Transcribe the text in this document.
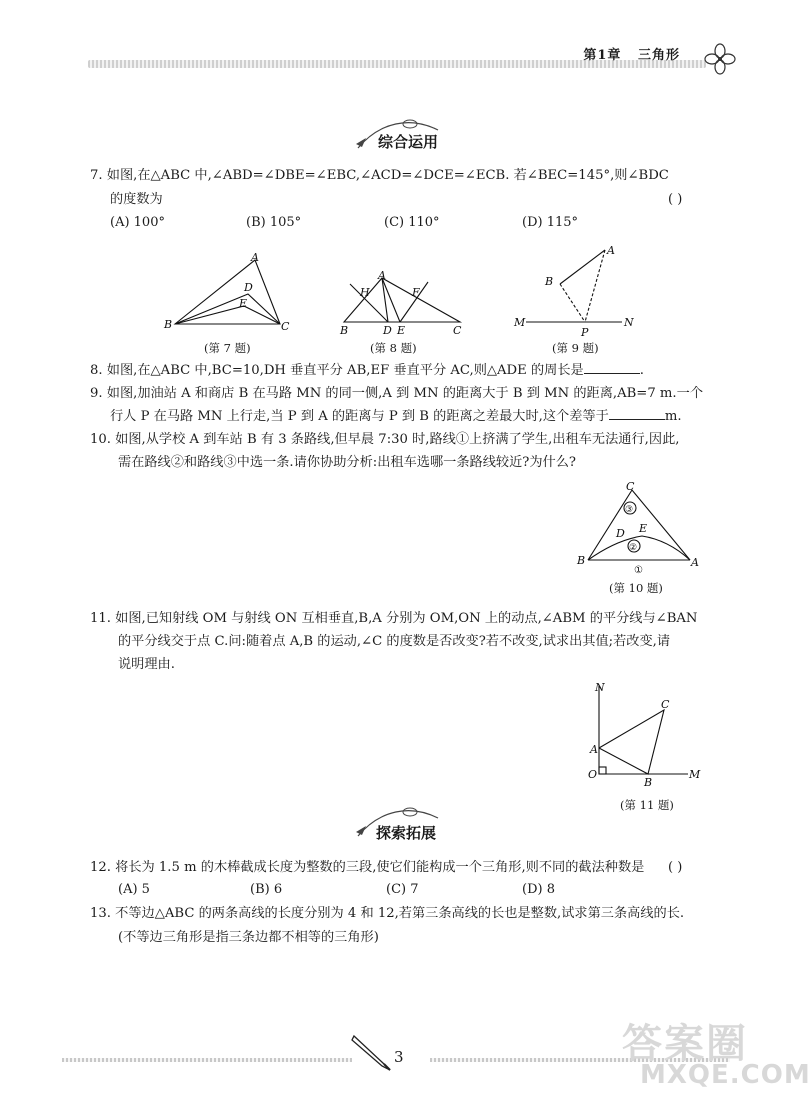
第1章 三角形
综合运用
7. 如图,在△ABC 中,∠ABD=∠DBE=∠EBC,∠ACD=∠DCE=∠ECB. 若∠BEC=145°,则∠BDC
的度数为	( )
(A) 100°	(B) 105°	(C) 110°	(D) 115°
A
B	C
D
E
(第 7 题)
A
B	C
D E
H	F
(第 8 题)
A
B
M
P
N
(第 9 题)
8. 如图,在△ABC 中,BC=10,DH 垂直平分 AB,EF 垂直平分 AC,则△ADE 的周长是	.
9. 如图,加油站 A 和商店 B 在马路 MN 的同一侧,A 到 MN 的距离大于 B 到 MN 的距离,AB=7 m.一个
行人 P 在马路 MN 上行走,当 P 到 A 的距离与 P 到 B 的距离之差最大时,这个差等于	m.
10. 如图,从学校 A 到车站 B 有 3 条路线,但早晨 7:30 时,路线①上挤满了学生,出租车无法通行,因此,
需在路线②和路线③中选一条.请你协助分析:出租车选哪一条路线较近?为什么?
C
③
D E
②
B	A
①
(第 10 题)
11. 如图,已知射线 OM 与射线 ON 互相垂直,B,A 分别为 OM,ON 上的动点,∠ABM 的平分线与∠BAN
的平分线交于点 C.问:随着点 A,B 的运动,∠C 的度数是否改变?若不改变,试求出其值;若改变,请
说明理由.
N
C
A
O
B
M
(第 11 题)
探索拓展
12. 将长为 1.5 m 的木棒截成长度为整数的三段,使它们能构成一个三角形,则不同的截法种数是 ( )
(A) 5	(B) 6	(C) 7	(D) 8
13. 不等边△ABC 的两条高线的长度分别为 4 和 12,若第三条高线的长也是整数,试求第三条高线的长.
(不等边三角形是指三条边都不相等的三角形)
3	答案圈
MXQE.COM
